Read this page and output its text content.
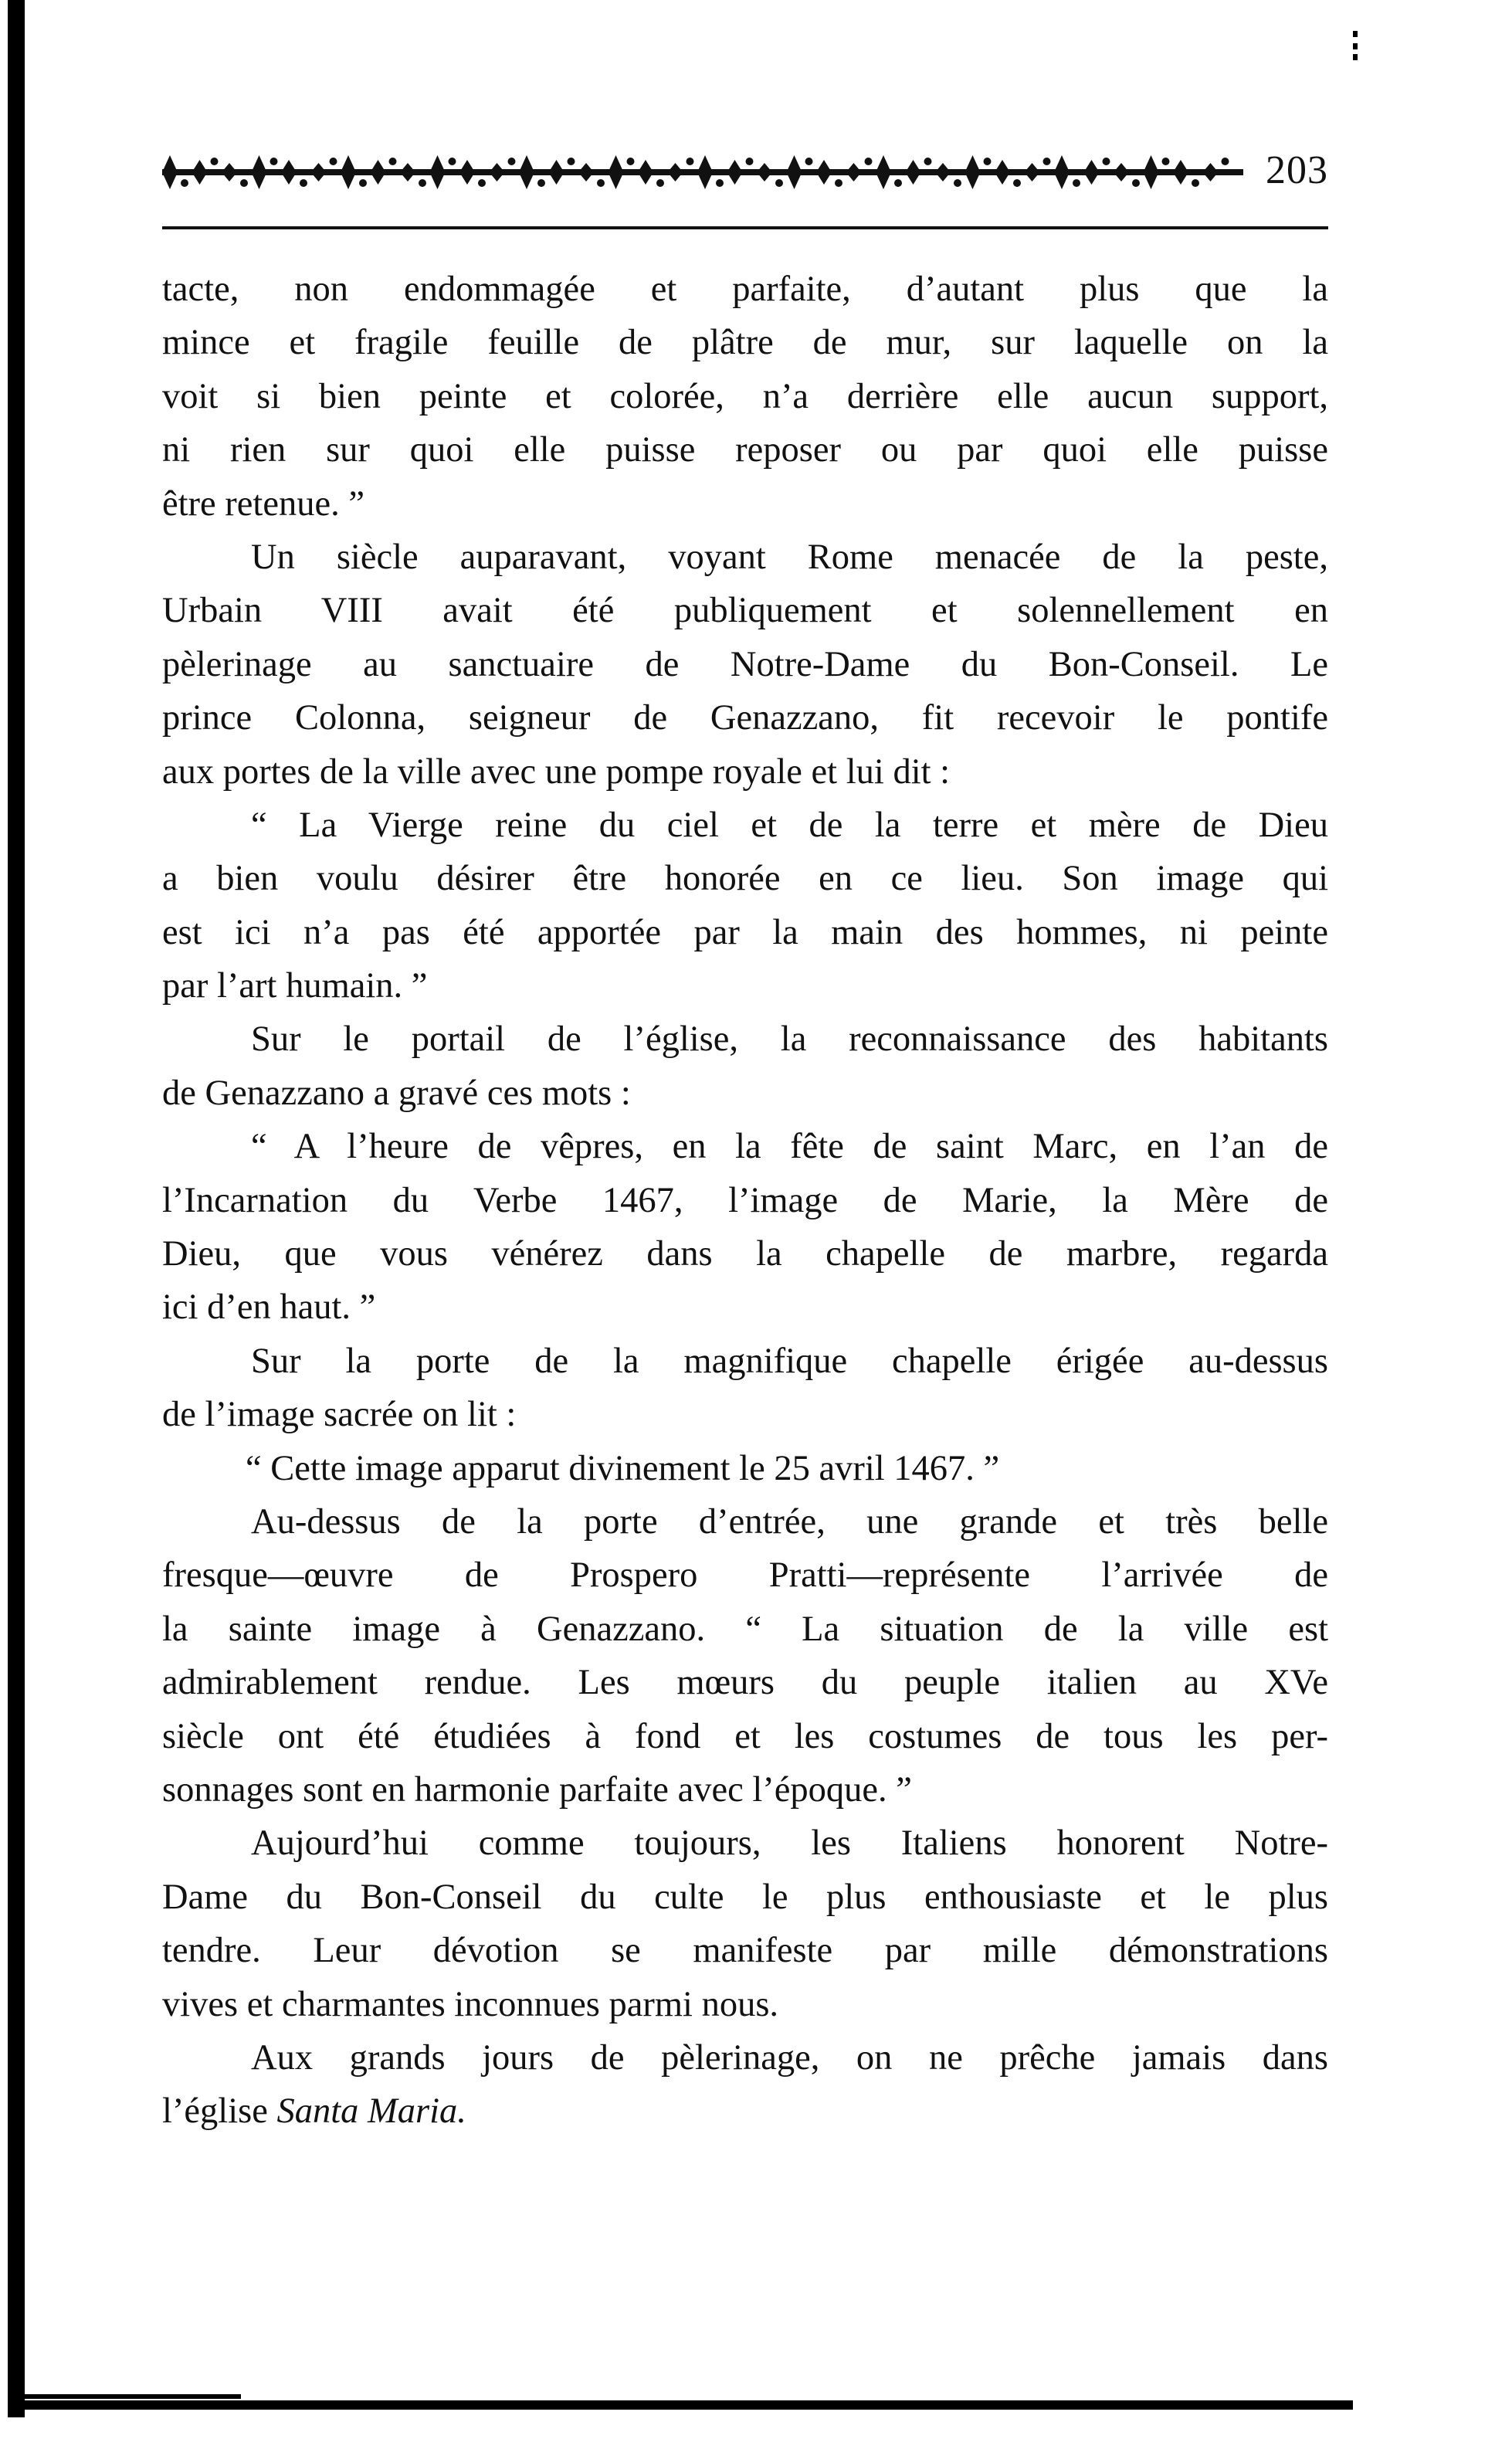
203
tacte, non endommagée et parfaite, d’autant plus que la
mince et fragile feuille de plâtre de mur, sur laquelle on la
voit si bien peinte et colorée, n’a derrière elle aucun support,
ni rien sur quoi elle puisse reposer ou par quoi elle puisse
être retenue. ”
Un siècle auparavant, voyant Rome menacée de la peste,
Urbain VIII avait été publiquement et solennellement en
pèlerinage au sanctuaire de Notre-Dame du Bon-Conseil. Le
prince Colonna, seigneur de Genazzano, fit recevoir le pontife
aux portes de la ville avec une pompe royale et lui dit :
“ La Vierge reine du ciel et de la terre et mère de Dieu
a bien voulu désirer être honorée en ce lieu. Son image qui
est ici n’a pas été apportée par la main des hommes, ni peinte
par l’art humain. ”
Sur le portail de l’église, la reconnaissance des habitants
de Genazzano a gravé ces mots :
“ A l’heure de vêpres, en la fête de saint Marc, en l’an de
l’Incarnation du Verbe 1467, l’image de Marie, la Mère de
Dieu, que vous vénérez dans la chapelle de marbre, regarda
ici d’en haut. ”
Sur la porte de la magnifique chapelle érigée au-dessus
de l’image sacrée on lit :
“ Cette image apparut divinement le 25 avril 1467. ”
Au-dessus de la porte d’entrée, une grande et très belle
fresque—œuvre de Prospero Pratti—représente l’arrivée de
la sainte image à Genazzano. “ La situation de la ville est
admirablement rendue. Les mœurs du peuple italien au XVe
siècle ont été étudiées à fond et les costumes de tous les per-
sonnages sont en harmonie parfaite avec l’époque. ”
Aujourd’hui comme toujours, les Italiens honorent Notre-
Dame du Bon-Conseil du culte le plus enthousiaste et le plus
tendre. Leur dévotion se manifeste par mille démonstrations
vives et charmantes inconnues parmi nous.
Aux grands jours de pèlerinage, on ne prêche jamais dans
l’église Santa Maria.
